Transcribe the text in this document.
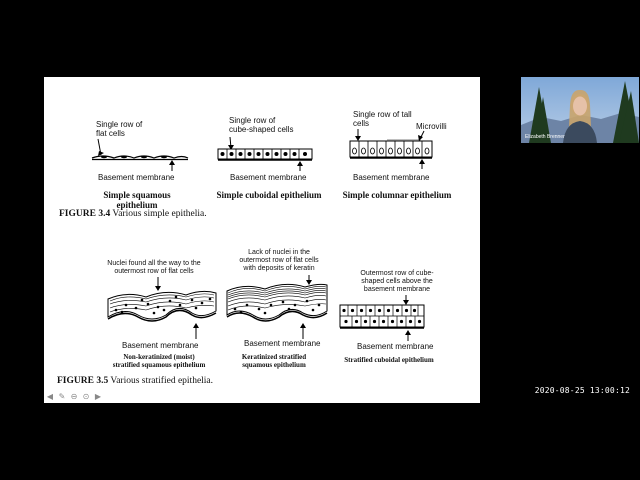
Single row of
flat cells
Basement membrane
Simple squamous epithelium
Single row of
cube-shaped cells
Basement membrane
Simple cuboidal epithelium
Single row of tall
cells	Microvilli
Basement membrane
Simple columnar epithelium
FIGURE 3.4 Various simple epithelia.
Nuclei found all the way to the
outermost row of flat cells
Basement membrane
Non-keratinized (moist)
stratified squamous epithelium
Lack of nuclei in the
outermost row of flat cells
with deposits of keratin
Basement membrane
Keratinized stratified
squamous epithelium
Outermost row of cube-
shaped cells above the
basement membrane
Basement membrane
Stratified cuboidal epithelium
FIGURE 3.5 Various stratified epithelia.
◀ ✎ ⊖ ⊙ ▶
Elizabeth Brenner
2020-08-25 13:00:12
